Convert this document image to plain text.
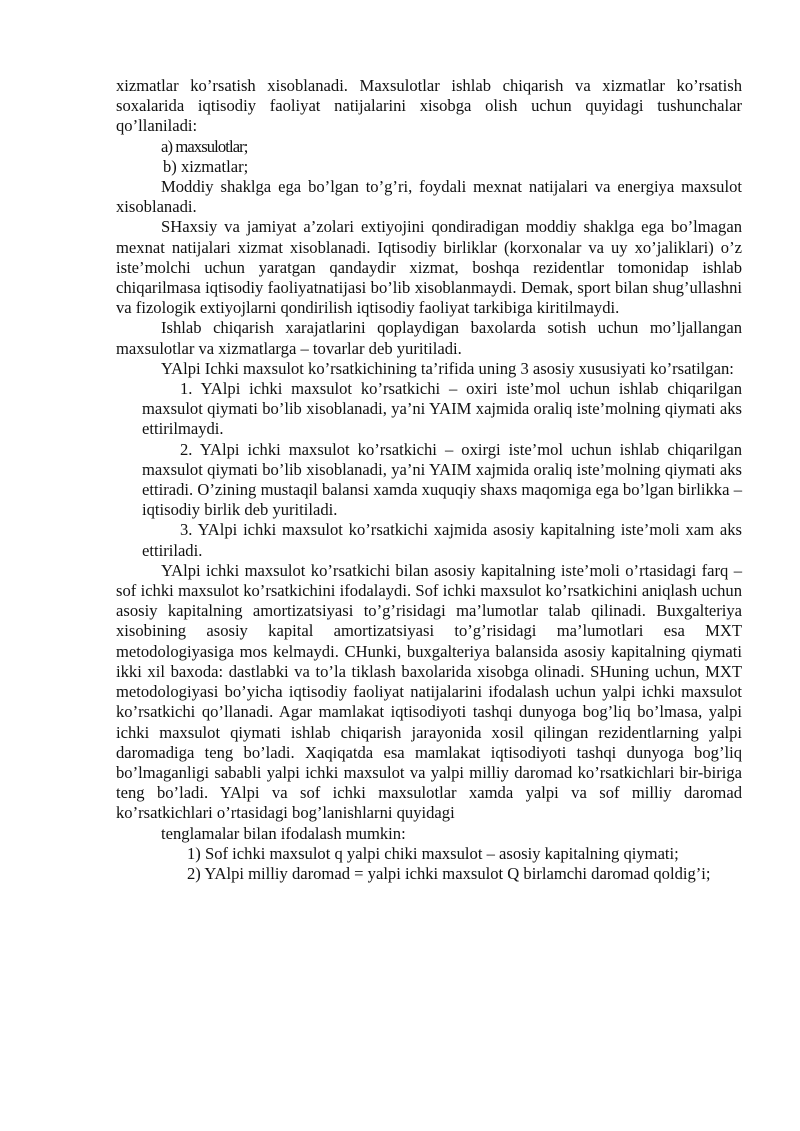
xizmatlar ko’rsatish xisoblanadi. Maxsulotlar ishlab chiqarish va xizmatlar ko’rsatish soxalarida iqtisodiy faoliyat natijalarini xisobga olish uchun quyidagi tushunchalar qo’llaniladi:

a) maxsulotlar;

b) xizmatlar;

Moddiy shaklga ega bo’lgan to’g’ri, foydali mexnat natijalari va energiya maxsulot xisoblanadi.

SHaxsiy va jamiyat a’zolari extiyojini qondiradigan moddiy shaklga ega bo’lmagan mexnat natijalari xizmat xisoblanadi. Iqtisodiy birliklar (korxonalar va uy xo’jaliklari) o’z iste’molchi uchun yaratgan qandaydir xizmat, boshqa rezidentlar tomonidap ishlab chiqarilmasa iqtisodiy faoliyatnatijasi bo’lib xisoblanmaydi. Demak, sport bilan shug’ullashni va fizologik extiyojlarni qondirilish iqtisodiy faoliyat tarkibiga kiritilmaydi.

Ishlab chiqarish xarajatlarini qoplaydigan baxolarda sotish uchun mo’ljallangan maxsulotlar va xizmatlarga – tovarlar deb yuritiladi.

YAlpi Ichki maxsulot ko’rsatkichining ta’rifida uning 3 asosiy xususiyati ko’rsatilgan:

1. YAlpi ichki maxsulot ko’rsatkichi – oxiri iste’mol uchun ishlab chiqarilgan maxsulot qiymati bo’lib xisoblanadi, ya’ni YAIM xajmida oraliq iste’molning qiymati aks ettirilmaydi.

2. YAlpi ichki maxsulot ko’rsatkichi – oxirgi iste’mol uchun ishlab chiqarilgan maxsulot qiymati bo’lib xisoblanadi, ya’ni YAIM xajmida oraliq iste’molning qiymati aks ettiradi. O’zining mustaqil balansi xamda xuquqiy shaxs maqomiga ega bo’lgan birlikka – iqtisodiy birlik deb yuritiladi.

3. YAlpi ichki maxsulot ko’rsatkichi xajmida asosiy kapitalning iste’moli xam aks ettiriladi.

YAlpi ichki maxsulot ko’rsatkichi bilan asosiy kapitalning iste’moli o’rtasidagi farq – sof ichki maxsulot ko’rsatkichini ifodalaydi. Sof ichki maxsulot ko’rsatkichini aniqlash uchun asosiy kapitalning amortizatsiyasi to’g’risidagi ma’lumotlar talab qilinadi. Buxgalteriya xisobining asosiy kapital amortizatsiyasi to’g’risidagi ma’lumotlari esa MXT metodologiyasiga mos kelmaydi. CHunki, buxgalteriya balansida asosiy kapitalning qiymati ikki xil baxoda: dastlabki va to’la tiklash baxolarida xisobga olinadi. SHuning uchun, MXT metodologiyasi bo’yicha iqtisodiy faoliyat natijalarini ifodalash uchun yalpi ichki maxsulot ko’rsatkichi qo’llanadi. Agar mamlakat iqtisodiyoti tashqi dunyoga bog’liq bo’lmasa, yalpi ichki maxsulot qiymati ishlab chiqarish jarayonida xosil qilingan rezidentlarning yalpi daromadiga teng bo’ladi. Xaqiqatda esa mamlakat iqtisodiyoti tashqi dunyoga bog’liq bo’lmaganligi sababli yalpi ichki maxsulot va yalpi milliy daromad ko’rsatkichlari bir-biriga teng bo’ladi. YAlpi va sof ichki maxsulotlar xamda yalpi va sof milliy daromad ko’rsatkichlari o’rtasidagi bog’lanishlarni quyidagi

tenglamalar bilan ifodalash mumkin:

1) Sof ichki maxsulot q yalpi chiki maxsulot – asosiy kapitalning qiymati;

2) YAlpi milliy daromad = yalpi ichki maxsulot Q birlamchi daromad qoldig’i;
